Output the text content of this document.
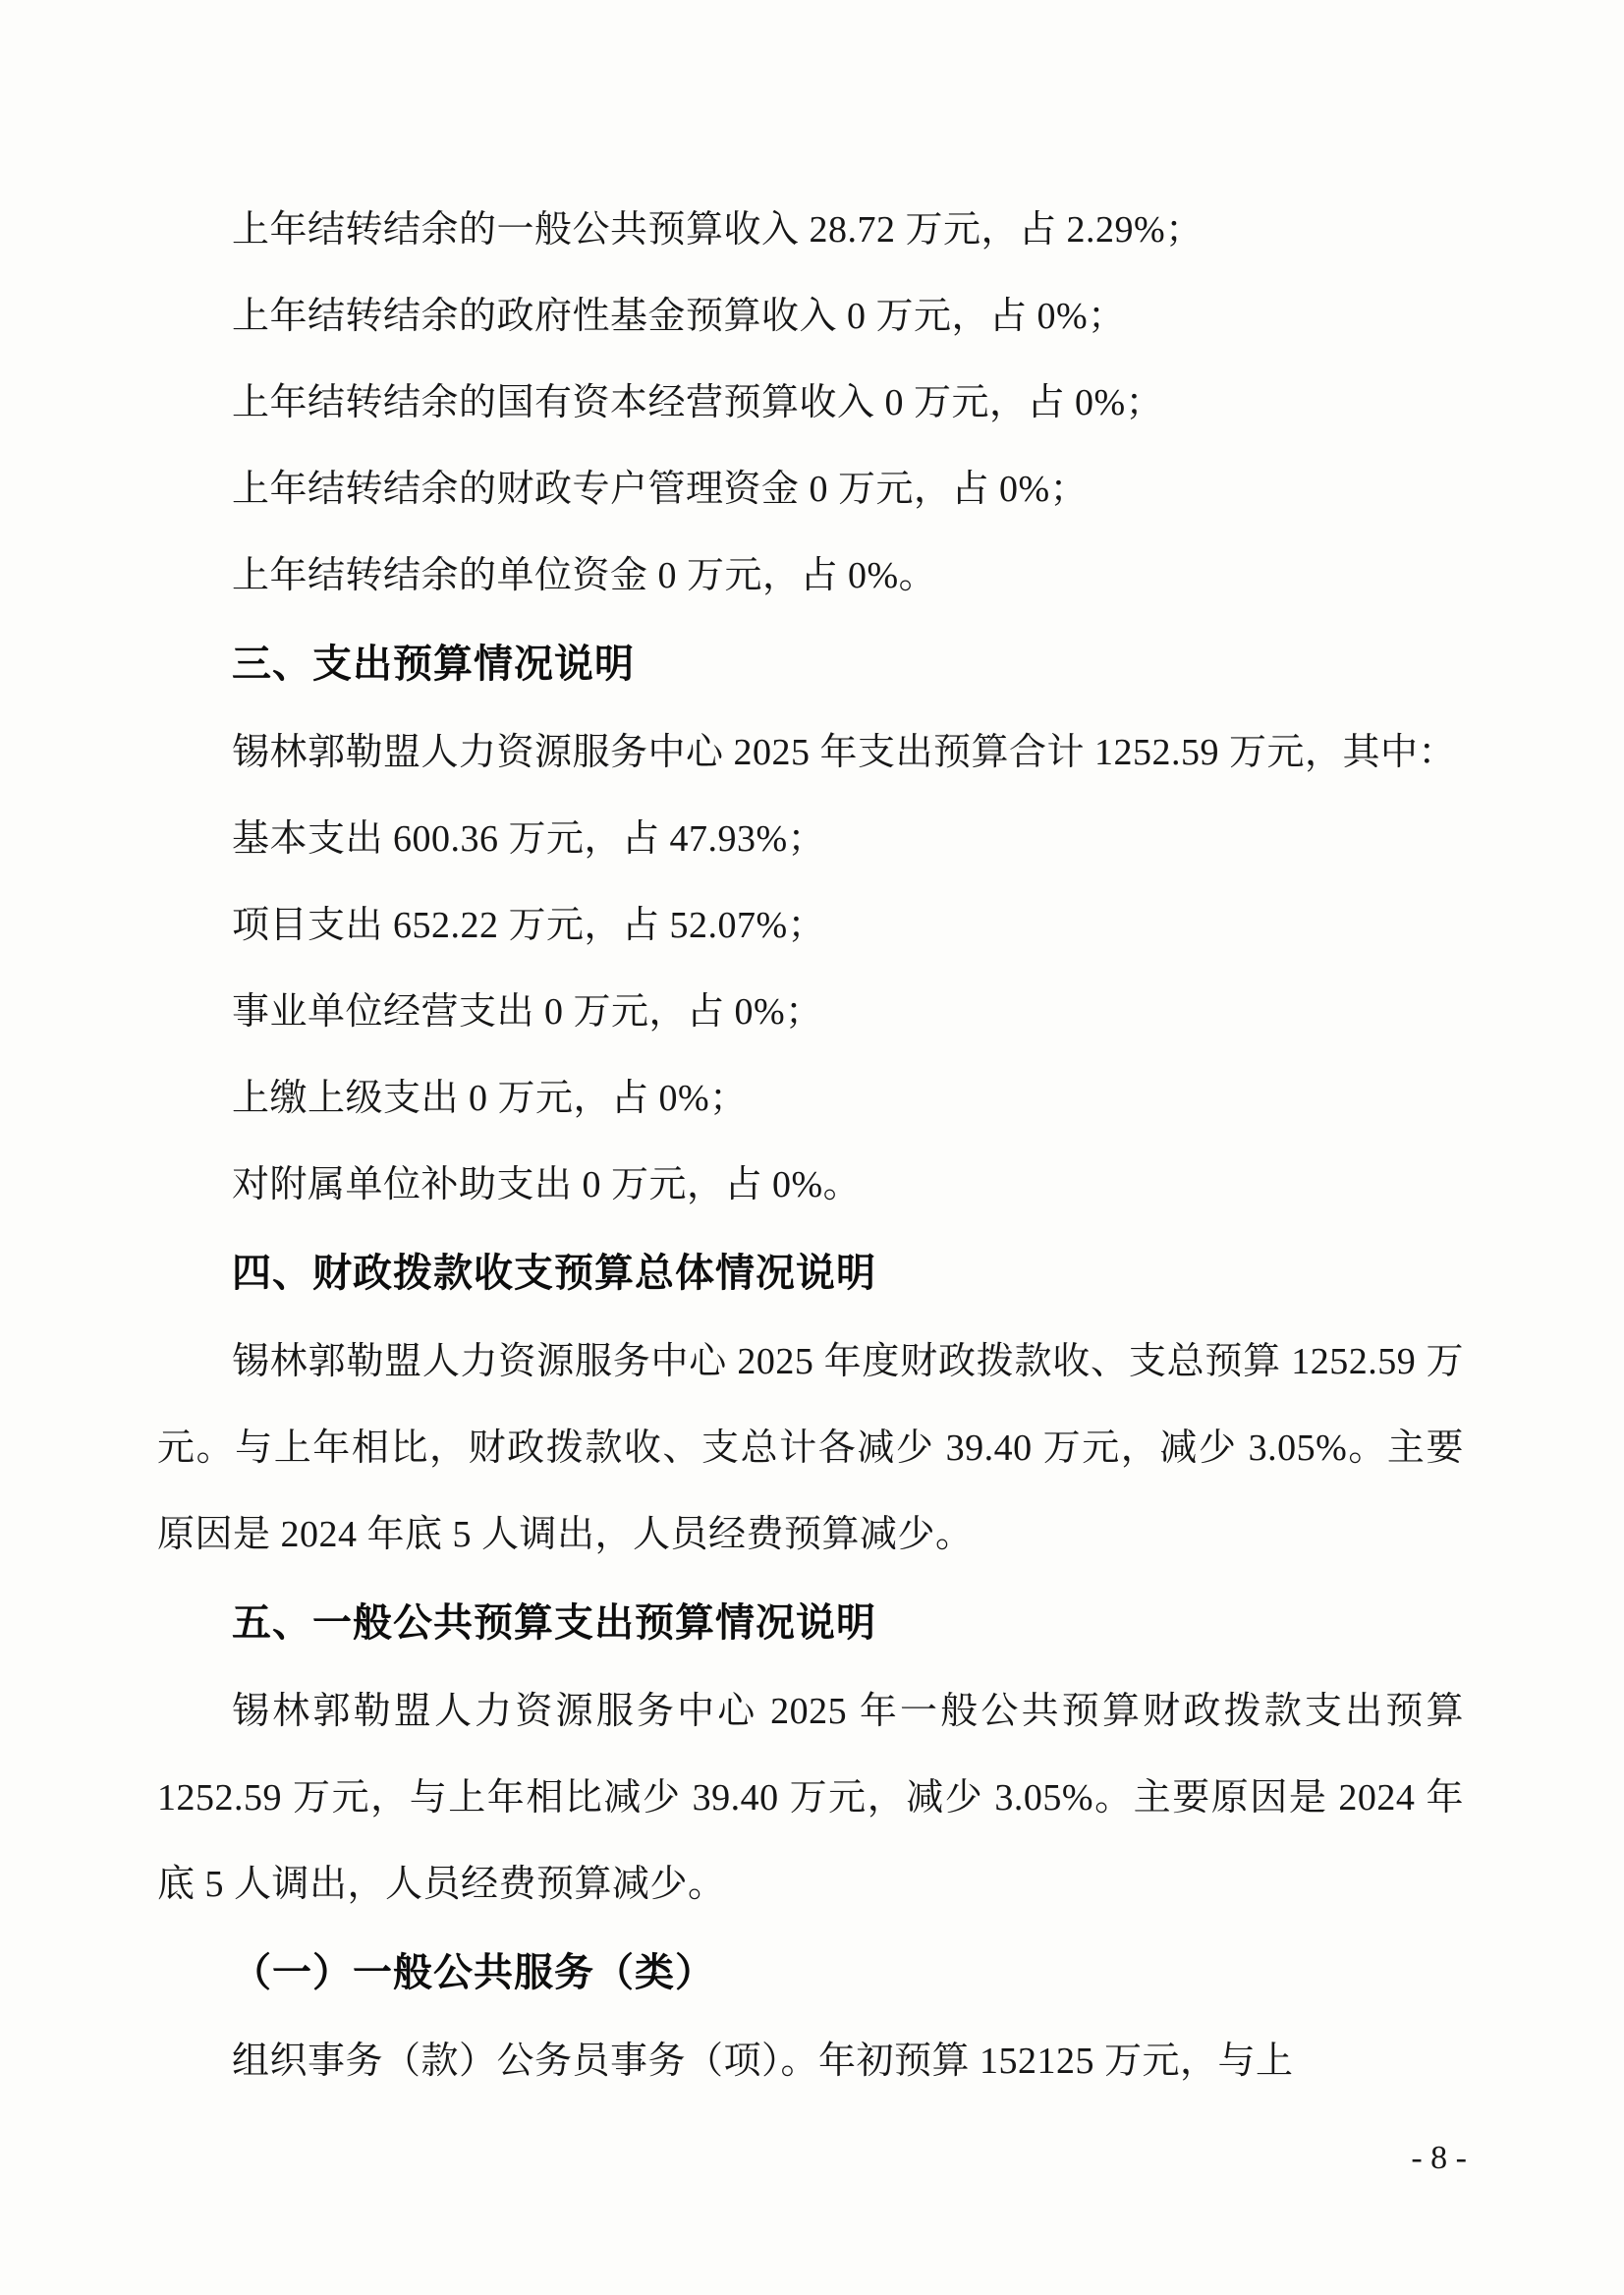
上年结转结余的一般公共预算收入 28.72 万元，占 2.29%；
上年结转结余的政府性基金预算收入 0 万元，占 0%；
上年结转结余的国有资本经营预算收入 0 万元，占 0%；
上年结转结余的财政专户管理资金 0 万元，占 0%；
上年结转结余的单位资金 0 万元，占 0%。
三、支出预算情况说明
锡林郭勒盟人力资源服务中心 2025 年支出预算合计 1252.59 万元，其中：
基本支出 600.36 万元，占 47.93%；
项目支出 652.22 万元，占 52.07%；
事业单位经营支出 0 万元，占 0%；
上缴上级支出 0 万元，占 0%；
对附属单位补助支出 0 万元，占 0%。
四、财政拨款收支预算总体情况说明
锡林郭勒盟人力资源服务中心 2025 年度财政拨款收、支总预算 1252.59 万元。与上年相比，财政拨款收、支总计各减少 39.40 万元，减少 3.05%。主要原因是 2024 年底 5 人调出，人员经费预算减少。
五、一般公共预算支出预算情况说明
锡林郭勒盟人力资源服务中心 2025 年一般公共预算财政拨款支出预算 1252.59 万元，与上年相比减少 39.40 万元，减少 3.05%。主要原因是 2024 年底 5 人调出，人员经费预算减少。
（一）一般公共服务（类）
组织事务（款）公务员事务（项）。年初预算 152125 万元，与上
- 8 -
